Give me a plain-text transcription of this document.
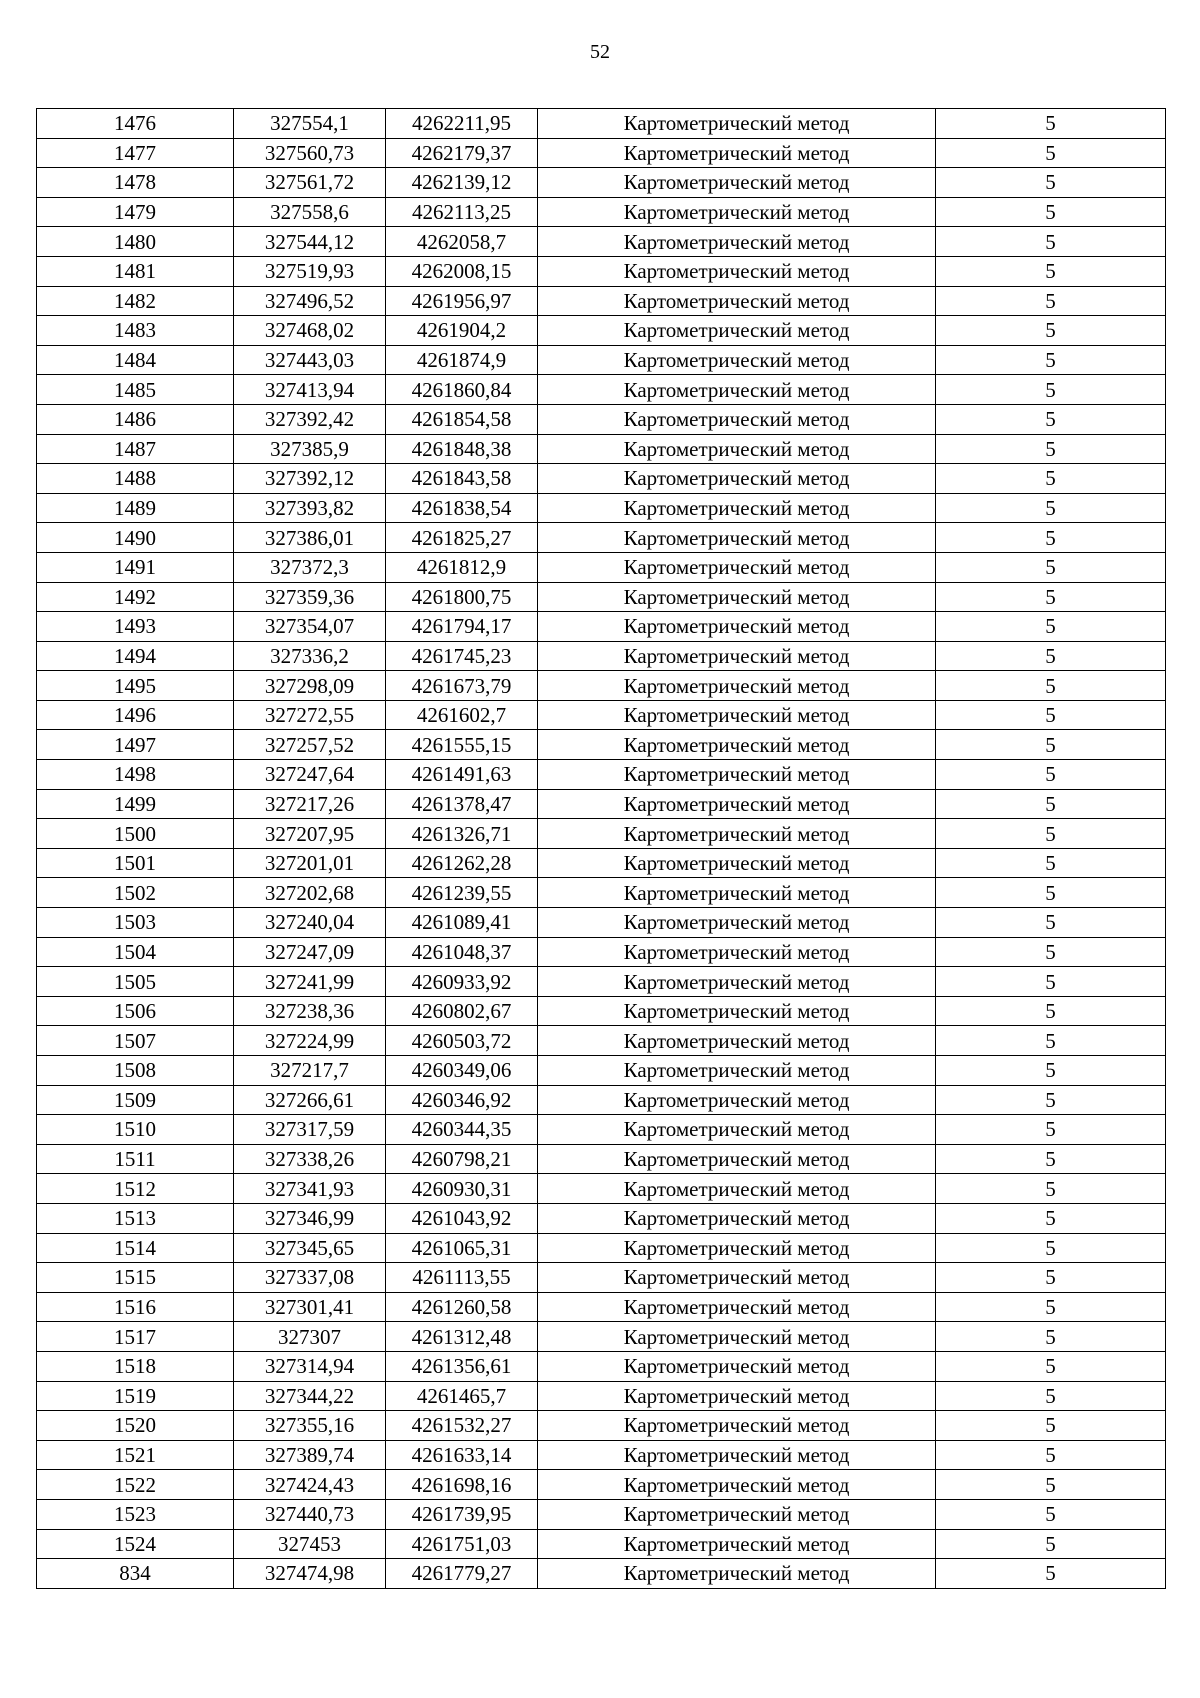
52
1476	327554,1	4262211,95	Картометрический метод	5
1477	327560,73	4262179,37	Картометрический метод	5
1478	327561,72	4262139,12	Картометрический метод	5
1479	327558,6	4262113,25	Картометрический метод	5
1480	327544,12	4262058,7	Картометрический метод	5
1481	327519,93	4262008,15	Картометрический метод	5
1482	327496,52	4261956,97	Картометрический метод	5
1483	327468,02	4261904,2	Картометрический метод	5
1484	327443,03	4261874,9	Картометрический метод	5
1485	327413,94	4261860,84	Картометрический метод	5
1486	327392,42	4261854,58	Картометрический метод	5
1487	327385,9	4261848,38	Картометрический метод	5
1488	327392,12	4261843,58	Картометрический метод	5
1489	327393,82	4261838,54	Картометрический метод	5
1490	327386,01	4261825,27	Картометрический метод	5
1491	327372,3	4261812,9	Картометрический метод	5
1492	327359,36	4261800,75	Картометрический метод	5
1493	327354,07	4261794,17	Картометрический метод	5
1494	327336,2	4261745,23	Картометрический метод	5
1495	327298,09	4261673,79	Картометрический метод	5
1496	327272,55	4261602,7	Картометрический метод	5
1497	327257,52	4261555,15	Картометрический метод	5
1498	327247,64	4261491,63	Картометрический метод	5
1499	327217,26	4261378,47	Картометрический метод	5
1500	327207,95	4261326,71	Картометрический метод	5
1501	327201,01	4261262,28	Картометрический метод	5
1502	327202,68	4261239,55	Картометрический метод	5
1503	327240,04	4261089,41	Картометрический метод	5
1504	327247,09	4261048,37	Картометрический метод	5
1505	327241,99	4260933,92	Картометрический метод	5
1506	327238,36	4260802,67	Картометрический метод	5
1507	327224,99	4260503,72	Картометрический метод	5
1508	327217,7	4260349,06	Картометрический метод	5
1509	327266,61	4260346,92	Картометрический метод	5
1510	327317,59	4260344,35	Картометрический метод	5
1511	327338,26	4260798,21	Картометрический метод	5
1512	327341,93	4260930,31	Картометрический метод	5
1513	327346,99	4261043,92	Картометрический метод	5
1514	327345,65	4261065,31	Картометрический метод	5
1515	327337,08	4261113,55	Картометрический метод	5
1516	327301,41	4261260,58	Картометрический метод	5
1517	327307	4261312,48	Картометрический метод	5
1518	327314,94	4261356,61	Картометрический метод	5
1519	327344,22	4261465,7	Картометрический метод	5
1520	327355,16	4261532,27	Картометрический метод	5
1521	327389,74	4261633,14	Картометрический метод	5
1522	327424,43	4261698,16	Картометрический метод	5
1523	327440,73	4261739,95	Картометрический метод	5
1524	327453	4261751,03	Картометрический метод	5
834	327474,98	4261779,27	Картометрический метод	5
